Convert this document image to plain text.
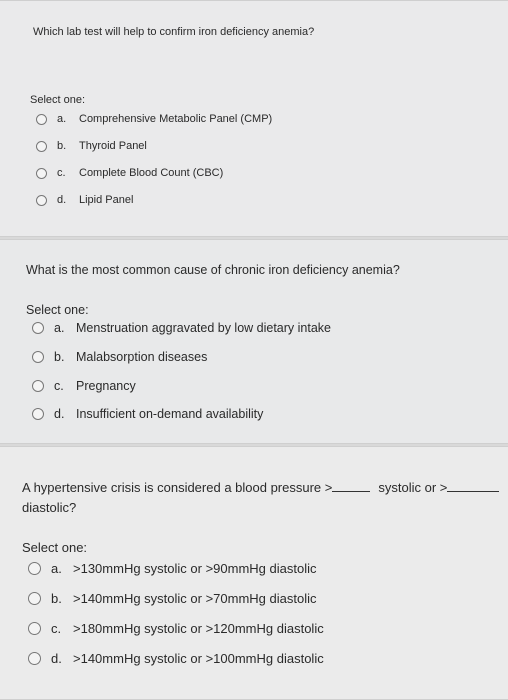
Which lab test will help to confirm iron deficiency anemia?
Select one:
a.	Comprehensive Metabolic Panel (CMP)
b.	Thyroid Panel
c.	Complete Blood Count (CBC)
d.	Lipid Panel
What is the most common cause of chronic iron deficiency anemia?
Select one:
a. Menstruation aggravated by low dietary intake
b. Malabsorption diseases
c. Pregnancy
d. Insufficient on-demand availability
A hypertensive crisis is considered a blood pressure >	systolic or >
diastolic?
Select one:
a. >130mmHg systolic or >90mmHg diastolic
b. >140mmHg systolic or >70mmHg diastolic
c. >180mmHg systolic or >120mmHg diastolic
d. >140mmHg systolic or >100mmHg diastolic
